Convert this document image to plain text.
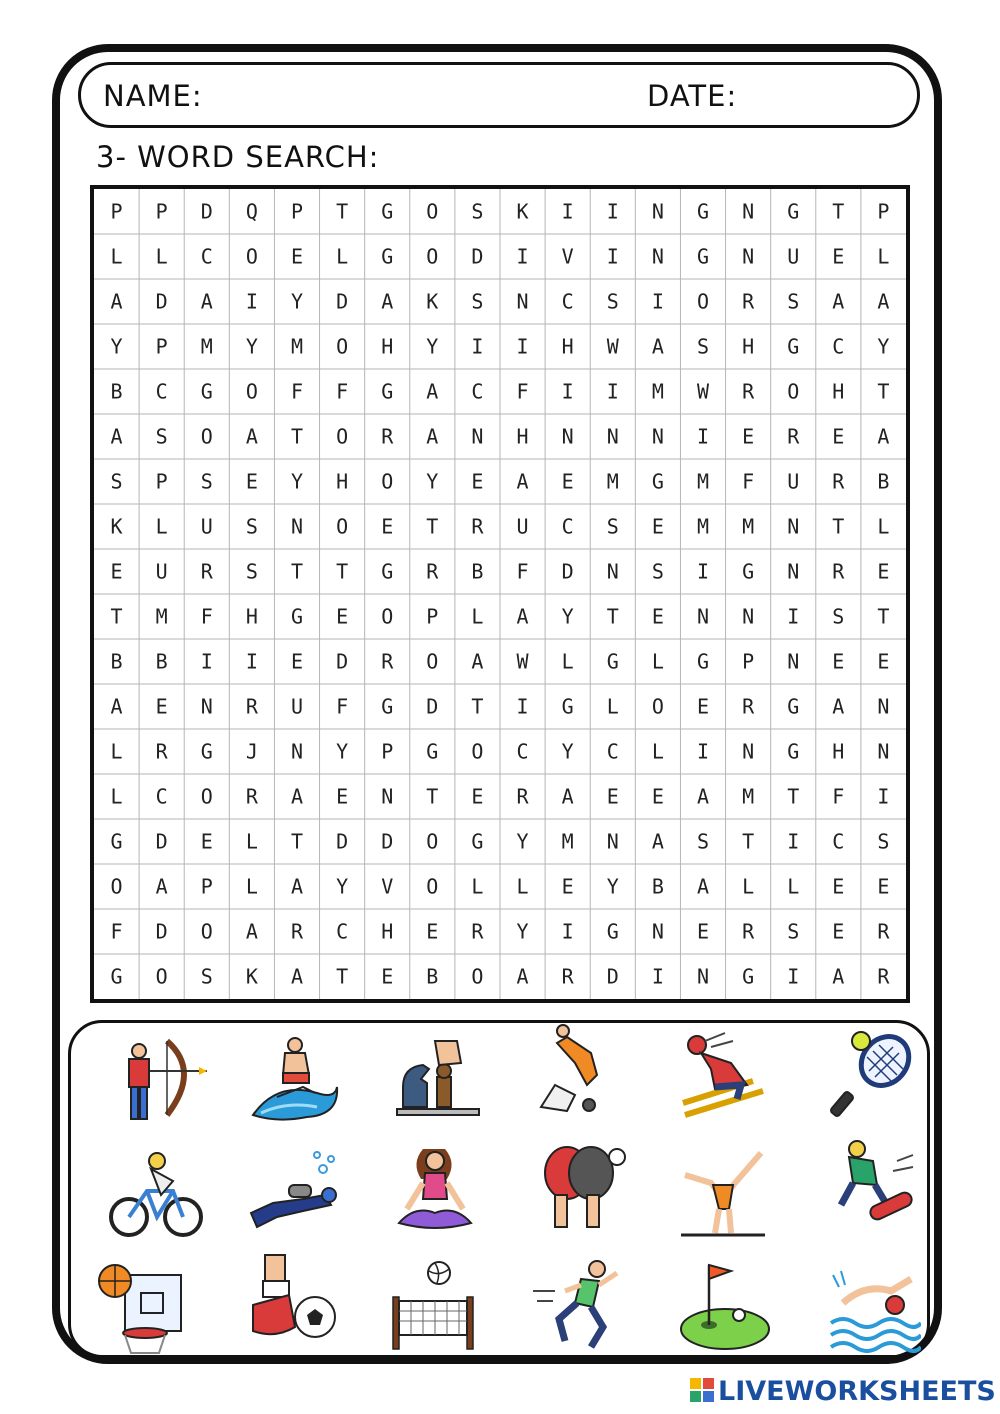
NAME:	DATE:
3- WORD SEARCH:
P P D Q P T G O S K I I N G N G T P
L L C O E L G O D I V I N G N U E L
A D A I Y D A K S N C S I O R S A A
Y P M Y M O H Y I I H W A S H G C Y
B C G O F F G A C F I I M W R O H T
A S O A T O R A N H N N N I E R E A
S P S E Y H O Y E A E M G M F U R B
K L U S N O E T R U C S E M M N T L
E U R S T T G R B F D N S I G N R E
T M F H G E O P L A Y T E N N I S T
B B I I E D R O A W L G L G P N E E
A E N R U F G D T I G L O E R G A N
L R G J N Y P G O C Y C L I N G H N
L C O R A E N T E R A E E A M T F I
G D E L T D D O G Y M N A S T I C S
O A P L A Y V O L L E Y B A L L E E
F D O A R C H E R Y I G N E R S E R
G O S K A T E B O A R D I N G I A R
LIVEWORKSHEETS
